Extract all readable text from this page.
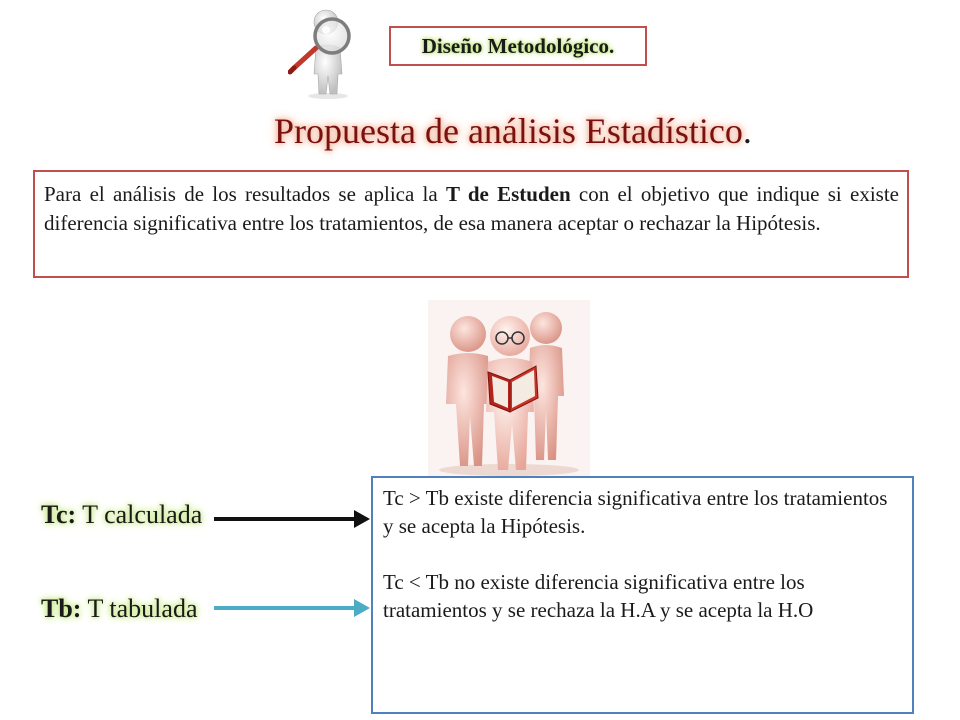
Diseño Metodológico.
Propuesta de análisis Estadístico.

Para el análisis de los resultados se aplica la T de Estuden con el objetivo que indique si existe diferencia significativa entre los tratamientos, de esa manera aceptar o rechazar la Hipótesis.

Tc: T calculada
Tb: T tabulada

Tc > Tb existe diferencia significativa entre los tratamientos y se acepta la Hipótesis.

Tc < Tb no existe diferencia significativa entre los tratamientos y se rechaza la H.A y se acepta la H.O
